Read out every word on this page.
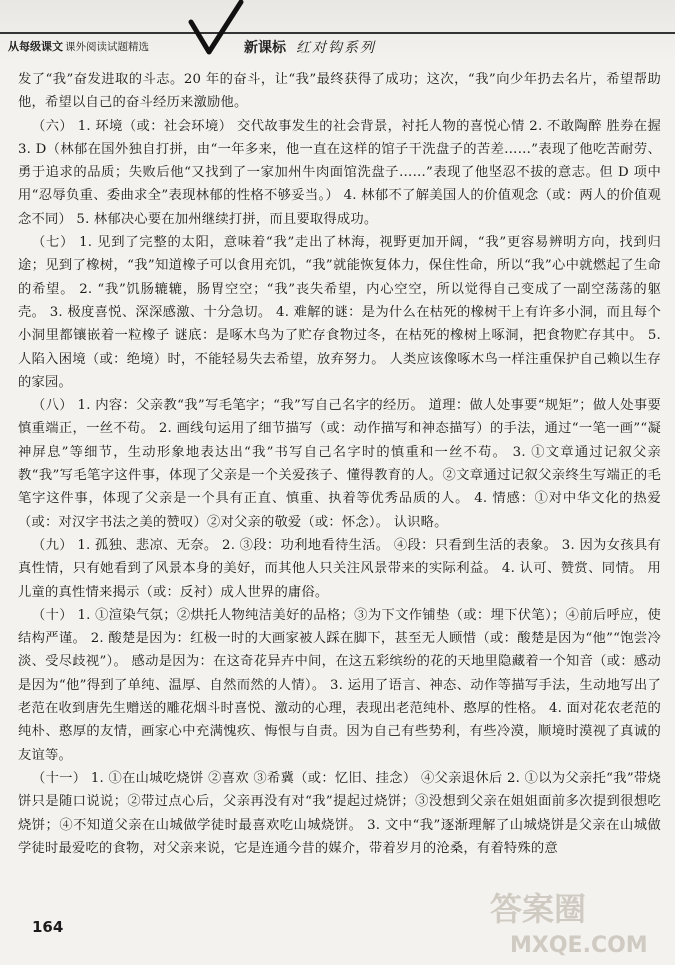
从每级课文 课外阅读试题精选	新课标 红对钩系列

发了“我”奋发进取的斗志。20 年的奋斗，让“我”最终获得了成功；这次，“我”向少年扔去名片，希望帮助他，希望以自己的奋斗经历来激励他。

（六） 1. 环境（或：社会环境） 交代故事发生的社会背景，衬托人物的喜悦心情 2. 不敢陶醉 胜券在握 3. D（林郁在国外独自打拼，由“一年多来，他一直在这样的馆子干洗盘子的苦差……”表现了他吃苦耐劳、勇于追求的品质；失败后他“又找到了一家加州牛肉面馆洗盘子……”表现了他坚忍不拔的意志。但 D 项中用“忍辱负重、委曲求全”表现林郁的性格不够妥当。） 4. 林郁不了解美国人的价值观念（或：两人的价值观念不同） 5. 林郁决心要在加州继续打拼，而且要取得成功。

（七） 1. 见到了完整的太阳，意味着“我”走出了林海，视野更加开阔，“我”更容易辨明方向，找到归途；见到了橡树，“我”知道橡子可以食用充饥，“我”就能恢复体力，保住性命，所以“我”心中就燃起了生命的希望。 2. “我”饥肠辘辘，肠胃空空；“我”丧失希望，内心空空，所以觉得自己变成了一副空荡荡的躯壳。 3. 极度喜悦、深深感激、十分急切。 4. 难解的谜：是为什么在枯死的橡树干上有许多小洞，而且每个小洞里都镶嵌着一粒橡子 谜底：是啄木鸟为了贮存食物过冬，在枯死的橡树上啄洞，把食物贮存其中。 5. 人陷入困境（或：绝境）时，不能轻易失去希望，放弃努力。 人类应该像啄木鸟一样注重保护自己赖以生存的家园。

（八） 1. 内容：父亲教“我”写毛笔字；“我”写自己名字的经历。 道理：做人处事要“规矩”；做人处事要慎重端正，一丝不苟。 2. 画线句运用了细节描写（或：动作描写和神态描写）的手法，通过“一笔一画”“凝神屏息”等细节，生动形象地表达出“我”书写自己名字时的慎重和一丝不苟。 3. ①文章通过记叙父亲教“我”写毛笔字这件事，体现了父亲是一个关爱孩子、懂得教育的人。②文章通过记叙父亲终生写端正的毛笔字这件事，体现了父亲是一个具有正直、慎重、执着等优秀品质的人。 4. 情感：①对中华文化的热爱（或：对汉字书法之美的赞叹）②对父亲的敬爱（或：怀念）。 认识略。

（九） 1. 孤独、悲凉、无奈。 2. ③段：功利地看待生活。 ④段：只看到生活的表象。 3. 因为女孩具有真性情，只有她看到了风景本身的美好，而其他人只关注风景带来的实际利益。 4. 认可、赞赏、同情。 用儿童的真性情来揭示（或：反衬）成人世界的庸俗。

（十） 1. ①渲染气氛；②烘托人物纯洁美好的品格；③为下文作铺垫（或：埋下伏笔）；④前后呼应，使结构严谨。 2. 酸楚是因为：红极一时的大画家被人踩在脚下，甚至无人顾惜（或：酸楚是因为“他”“饱尝冷淡、受尽歧视”）。 感动是因为：在这奇花异卉中间，在这五彩缤纷的花的天地里隐藏着一个知音（或：感动是因为“他”得到了单纯、温厚、自然而然的人情）。 3. 运用了语言、神态、动作等描写手法，生动地写出了老范在收到唐先生赠送的雕花烟斗时喜悦、激动的心理，表现出老范纯朴、憨厚的性格。 4. 面对花农老范的纯朴、憨厚的友情，画家心中充满愧疚、悔恨与自责。因为自己有些势利，有些冷漠，顺境时漠视了真诚的友谊等。

（十一） 1. ①在山城吃烧饼 ②喜欢 ③希冀（或：忆旧、挂念） ④父亲退休后 2. ①以为父亲托“我”带烧饼只是随口说说；②带过点心后，父亲再没有对“我”提起过烧饼；③没想到父亲在姐姐面前多次提到很想吃烧饼；④不知道父亲在山城做学徒时最喜欢吃山城烧饼。 3. 文中“我”逐渐理解了山城烧饼是父亲在山城做学徒时最爱吃的食物，对父亲来说，它是连通今昔的媒介，带着岁月的沧桑，有着特殊的意

164	答案圈
MXQE.COM
